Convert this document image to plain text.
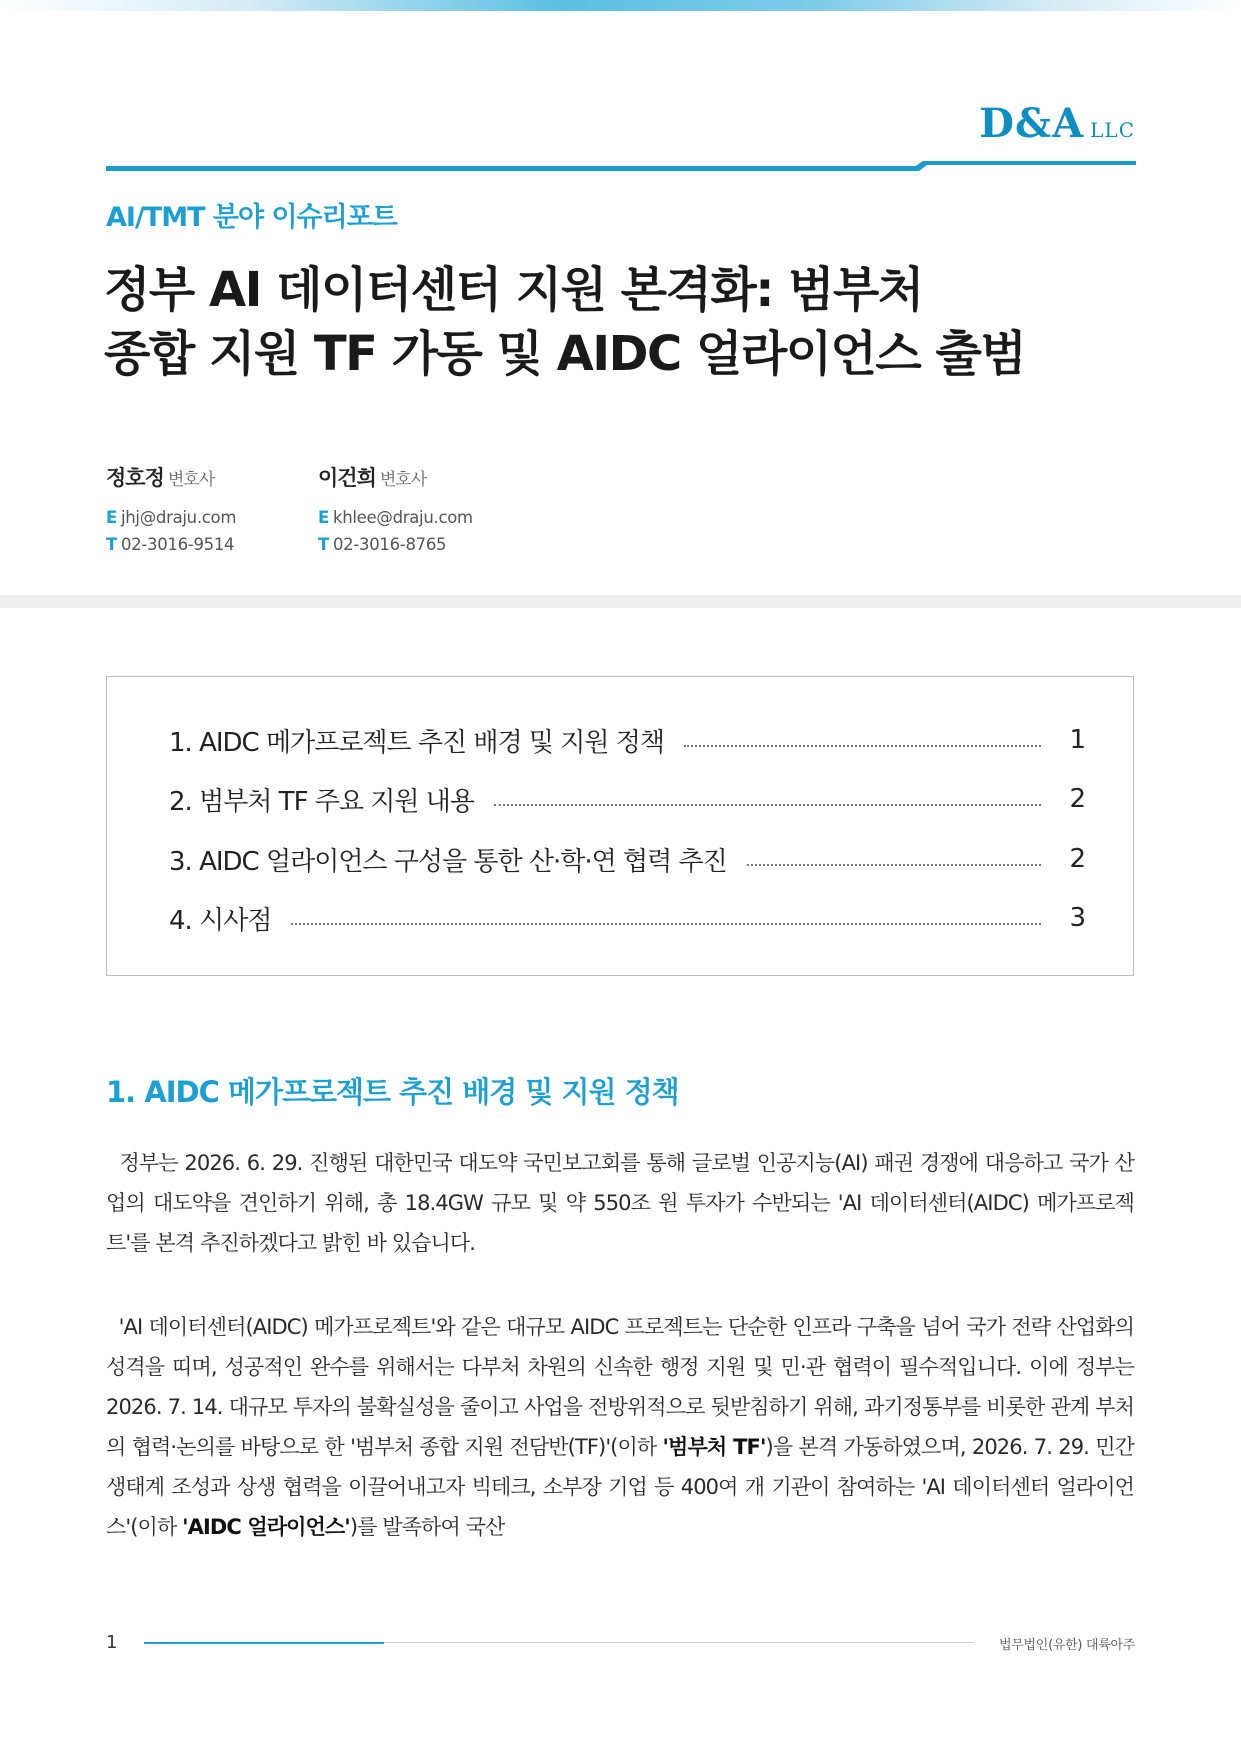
D&A LLC
AI/TMT 분야 이슈리포트
정부 AI 데이터센터 지원 본격화: 범부처
종합 지원 TF 가동 및 AIDC 얼라이언스 출범
정호정 변호사
E jhj@draju.com
T 02-3016-9514
이건희 변호사
E khlee@draju.com
T 02-3016-8765
1. AIDC 메가프로젝트 추진 배경 및 지원 정책	1
2. 범부처 TF 주요 지원 내용	2
3. AIDC 얼라이언스 구성을 통한 산·학·연 협력 추진	2
4. 시사점	3
1. AIDC 메가프로젝트 추진 배경 및 지원 정책

정부는 2026. 6. 29. 진행된 대한민국 대도약 국민보고회를 통해 글로벌 인공지능(AI) 패권 경쟁에 대응하고 국가 산업의 대도약을 견인하기 위해, 총 18.4GW 규모 및 약 550조 원 투자가 수반되는 'AI 데이터센터(AIDC) 메가프로젝트'를 본격 추진하겠다고 밝힌 바 있습니다.

'AI 데이터센터(AIDC) 메가프로젝트'와 같은 대규모 AIDC 프로젝트는 단순한 인프라 구축을 넘어 국가 전략 산업화의 성격을 띠며, 성공적인 완수를 위해서는 다부처 차원의 신속한 행정 지원 및 민·관 협력이 필수적입니다. 이에 정부는 2026. 7. 14. 대규모 투자의 불확실성을 줄이고 사업을 전방위적으로 뒷받침하기 위해, 과기정통부를 비롯한 관계 부처의 협력·논의를 바탕으로 한 '범부처 종합 지원 전담반(TF)'(이하 '범부처 TF')을 본격 가동하였으며, 2026. 7. 29. 민간 생태계 조성과 상생 협력을 이끌어내고자 빅테크, 소부장 기업 등 400여 개 기관이 참여하는 'AI 데이터센터 얼라이언스'(이하 'AIDC 얼라이언스')를 발족하여 국산

1	법무법인(유한) 대륙아주
